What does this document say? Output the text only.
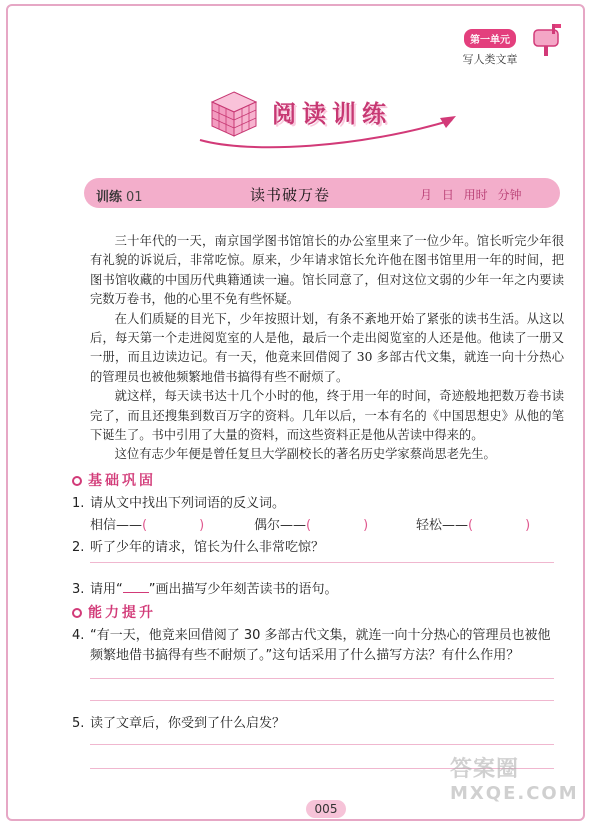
第一单元
写人类文章
阅读训练
训练 01	读书破万卷	月 日 用时 分钟

三十年代的一天，南京国学图书馆馆长的办公室里来了一位少年。馆长听完少年很有礼貌的诉说后，非常吃惊。原来，少年请求馆长允许他在图书馆里用一年的时间，把图书馆收藏的中国历代典籍通读一遍。馆长同意了，但对这位文弱的少年一年之内要读完数万卷书，他的心里不免有些怀疑。

在人们质疑的目光下，少年按照计划，有条不紊地开始了紧张的读书生活。从这以后，每天第一个走进阅览室的人是他，最后一个走出阅览室的人还是他。他读了一册又一册，而且边读边记。有一天，他竟来回借阅了 30 多部古代文集，就连一向十分热心的管理员也被他频繁地借书搞得有些不耐烦了。

就这样，每天读书达十几个小时的他，终于用一年的时间，奇迹般地把数万卷书读完了，而且还搜集到数百万字的资料。几年以后，一本有名的《中国思想史》从他的笔下诞生了。书中引用了大量的资料，而这些资料正是他从苦读中得来的。

这位有志少年便是曾任复旦大学副校长的著名历史学家蔡尚思老先生。

基础巩固
1. 请从文中找出下列词语的反义词。
相信——(	)	偶尔——(	)	轻松——(	)
2. 听了少年的请求，馆长为什么非常吃惊？
3. 请用“ ”画出描写少年刻苦读书的语句。
能力提升
4. “有一天，他竟来回借阅了 30 多部古代文集，就连一向十分热心的管理员也被他
频繁地借书搞得有些不耐烦了。”这句话采用了什么描写方法？有什么作用？
5. 读了文章后，你受到了什么启发？
005
答案圈
MXQE.COM
